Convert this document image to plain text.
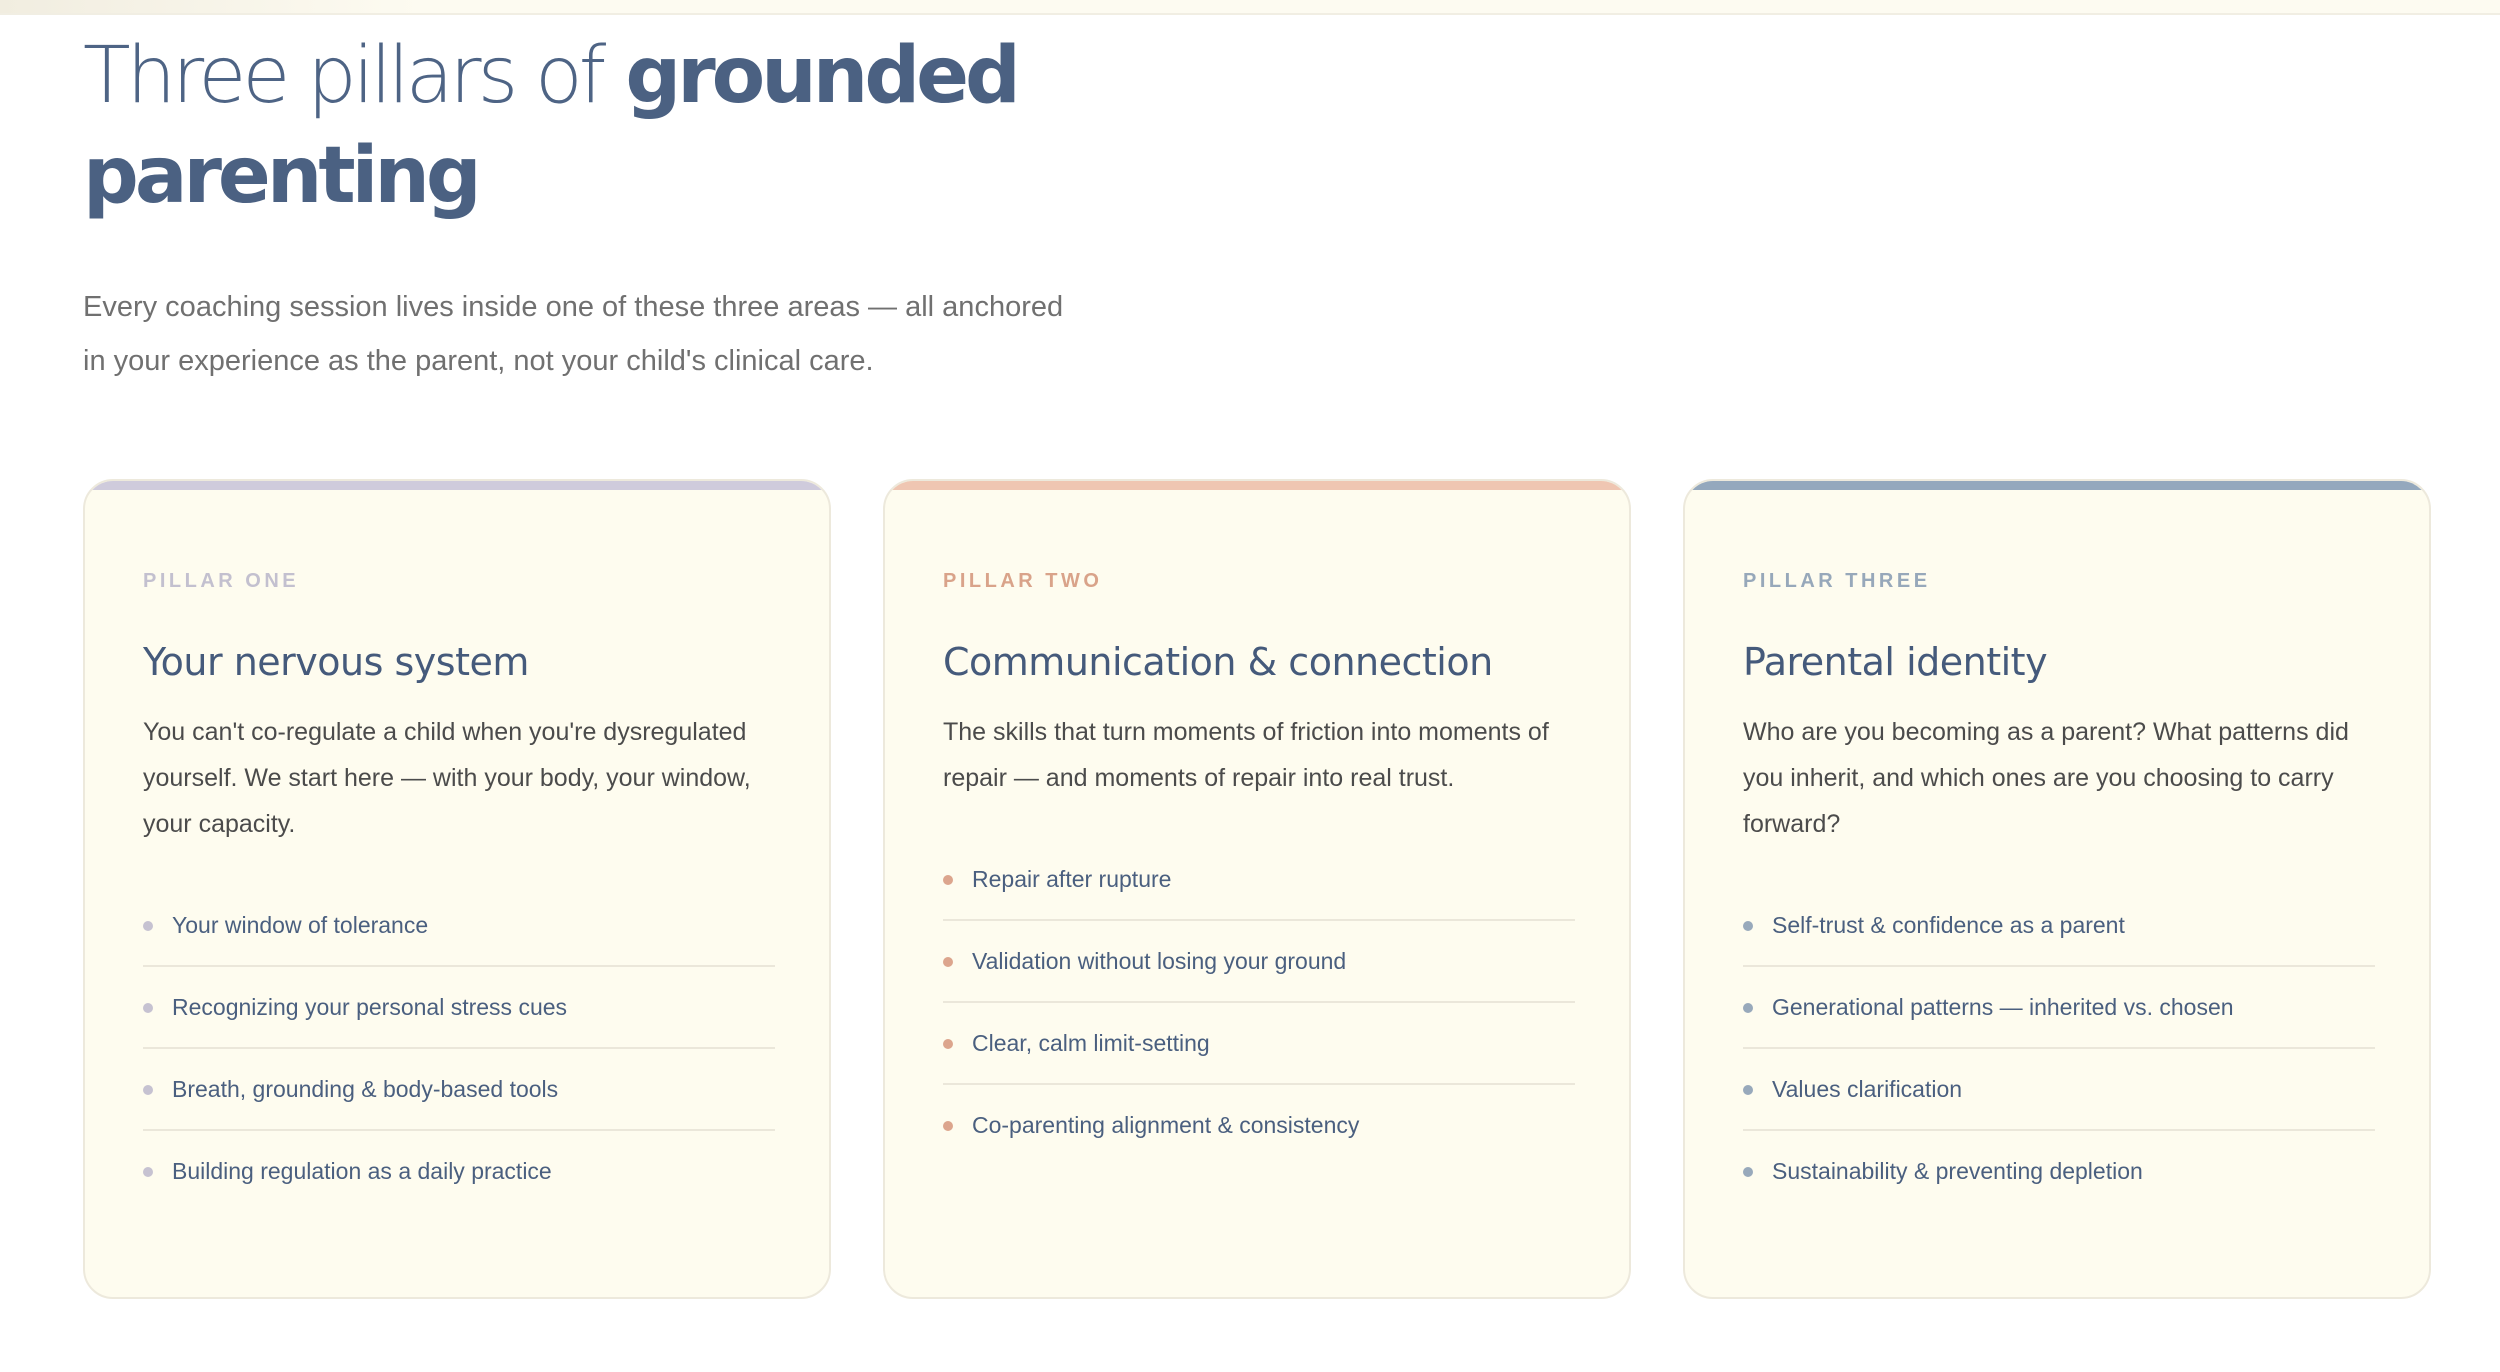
Three pillars of grounded
parenting

Every coaching session lives inside one of these three areas — all anchored
in your experience as the parent, not your child's clinical care.

PILLAR ONE
Your nervous system

You can't co-regulate a child when you're dysregulated yourself. We start here — with your body, your window, your capacity.

Your window of tolerance
Recognizing your personal stress cues
Breath, grounding & body-based tools
Building regulation as a daily practice
PILLAR TWO
Communication & connection

The skills that turn moments of friction into moments of repair — and moments of repair into real trust.

Repair after rupture
Validation without losing your ground
Clear, calm limit-setting
Co-parenting alignment & consistency
PILLAR THREE
Parental identity

Who are you becoming as a parent? What patterns did you inherit, and which ones are you choosing to carry forward?

Self-trust & confidence as a parent
Generational patterns — inherited vs. chosen
Values clarification
Sustainability & preventing depletion
